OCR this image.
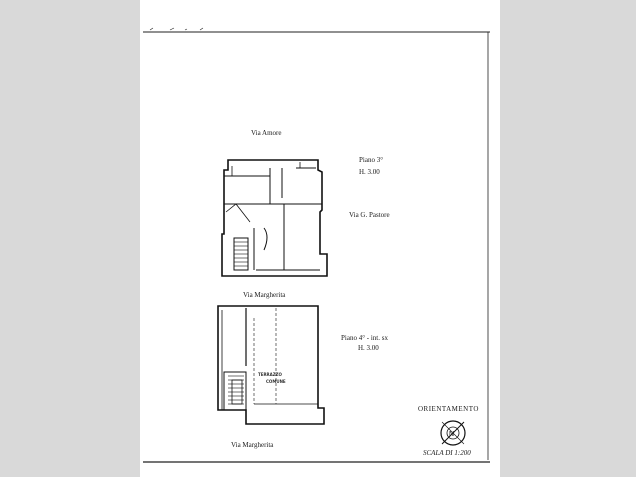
N
Via Amore
Piano 3°
H. 3.00
Via G. Pastore
Via Margherita
Piano 4° - int. sx
H. 3.00
TERRAZZO
COMUNE
Via Margherita
ORIENTAMENTO
SCALA DI 1:200
